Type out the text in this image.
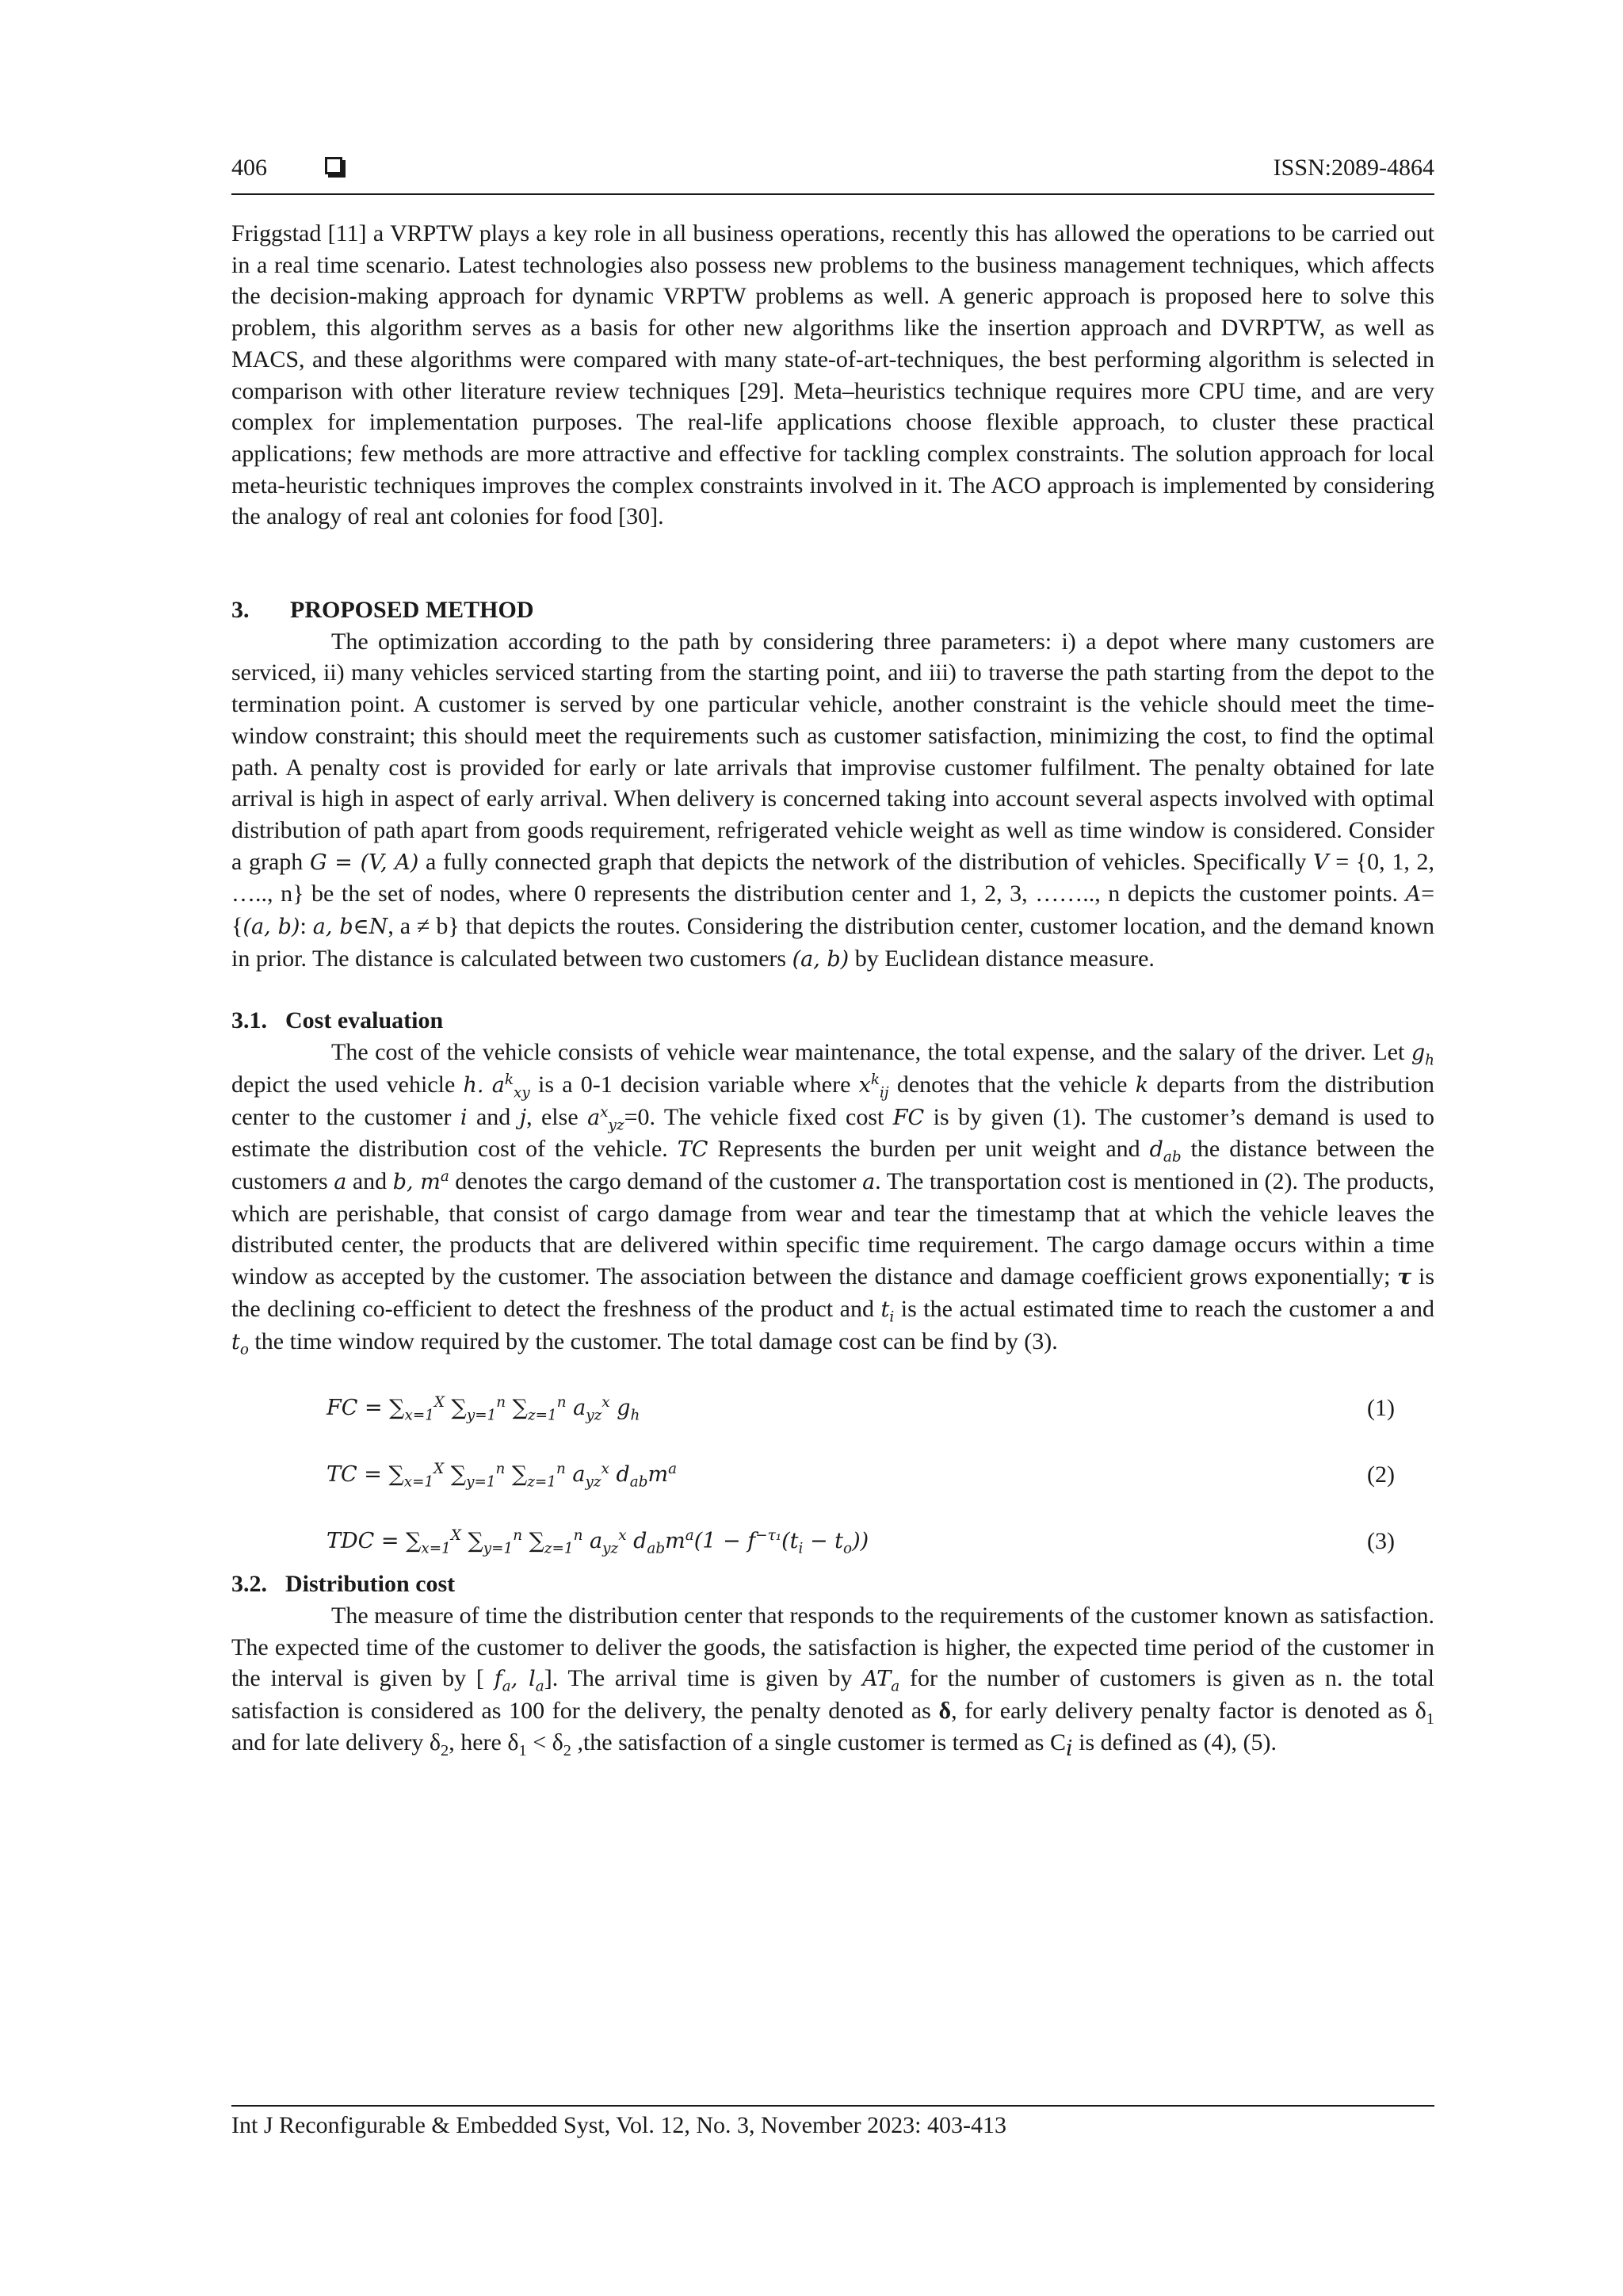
406	ISSN:2089-4864

Friggstad [11] a VRPTW plays a key role in all business operations, recently this has allowed the operations to be carried out in a real time scenario. Latest technologies also possess new problems to the business management techniques, which affects the decision-making approach for dynamic VRPTW problems as well. A generic approach is proposed here to solve this problem, this algorithm serves as a basis for other new algorithms like the insertion approach and DVRPTW, as well as MACS, and these algorithms were compared with many state-of-art-techniques, the best performing algorithm is selected in comparison with other literature review techniques [29]. Meta–heuristics technique requires more CPU time, and are very complex for implementation purposes. The real-life applications choose flexible approach, to cluster these practical applications; few methods are more attractive and effective for tackling complex constraints. The solution approach for local meta-heuristic techniques improves the complex constraints involved in it. The ACO approach is implemented by considering the analogy of real ant colonies for food [30].

3. PROPOSED METHOD

The optimization according to the path by considering three parameters: i) a depot where many customers are serviced, ii) many vehicles serviced starting from the starting point, and iii) to traverse the path starting from the depot to the termination point. A customer is served by one particular vehicle, another constraint is the vehicle should meet the time-window constraint; this should meet the requirements such as customer satisfaction, minimizing the cost, to find the optimal path. A penalty cost is provided for early or late arrivals that improvise customer fulfilment. The penalty obtained for late arrival is high in aspect of early arrival. When delivery is concerned taking into account several aspects involved with optimal distribution of path apart from goods requirement, refrigerated vehicle weight as well as time window is considered. Consider a graph G = (V, A) a fully connected graph that depicts the network of the distribution of vehicles. Specifically V = {0, 1, 2, ….., n} be the set of nodes, where 0 represents the distribution center and 1, 2, 3, …….., n depicts the customer points. A= {(a, b): a, b∈N, a ≠ b} that depicts the routes. Considering the distribution center, customer location, and the demand known in prior. The distance is calculated between two customers (a, b) by Euclidean distance measure.

3.1. Cost evaluation

The cost of the vehicle consists of vehicle wear maintenance, the total expense, and the salary of the driver. Let $g_h$ depict the used vehicle h. $a^k_{xy}$ is a 0-1 decision variable where $x^k_{ij}$ denotes that the vehicle k departs from the distribution center to the customer i and j, else $a^x_{yz}=0$. The vehicle fixed cost FC is by given (1). The customer’s demand is used to estimate the distribution cost of the vehicle. TC Represents the burden per unit weight and $d_{ab}$ the distance between the customers a and b, $m^a$ denotes the cargo demand of the customer a. The transportation cost is mentioned in (2). The products, which are perishable, that consist of cargo damage from wear and tear the timestamp that at which the vehicle leaves the distributed center, the products that are delivered within specific time requirement. The cargo damage occurs within a time window as accepted by the customer. The association between the distance and damage coefficient grows exponentially; τ is the declining co-efficient to detect the freshness of the product and $t_i$ is the actual estimated time to reach the customer a and $t_o$ the time window required by the customer. The total damage cost can be find by (3).

FC = $\sum_{x=1}^X$ $\sum_{y=1}^n$ $\sum_{z=1}^n$ $a_{yz}^x$ $g_h$	(1)
TC = $\sum_{x=1}^X$ $\sum_{y=1}^n$ $\sum_{z=1}^n$ $a_{yz}^x$ $d_{ab}m^a$	(2)
TDC = $\sum_{x=1}^X$ $\sum_{y=1}^n$ $\sum_{z=1}^n$ $a_{yz}^x$ $d_{ab}m^a(1 - f^{-\tau_1}(t_i - t_o))$	(3)
3.2. Distribution cost

The measure of time the distribution center that responds to the requirements of the customer known as satisfaction. The expected time of the customer to deliver the goods, the satisfaction is higher, the expected time period of the customer in the interval is given by [ $f_a$, $l_a$]. The arrival time is given by $AT_a$ for the number of customers is given as n. the total satisfaction is considered as 100 for the delivery, the penalty denoted as δ, for early delivery penalty factor is denoted as $\delta_1$ and for late delivery $\delta_2$, here $\delta_1 < \delta_2$ ,the satisfaction of a single customer is termed as $C_i$ is defined as (4), (5).

Int J Reconfigurable & Embedded Syst, Vol. 12, No. 3, November 2023: 403-413
